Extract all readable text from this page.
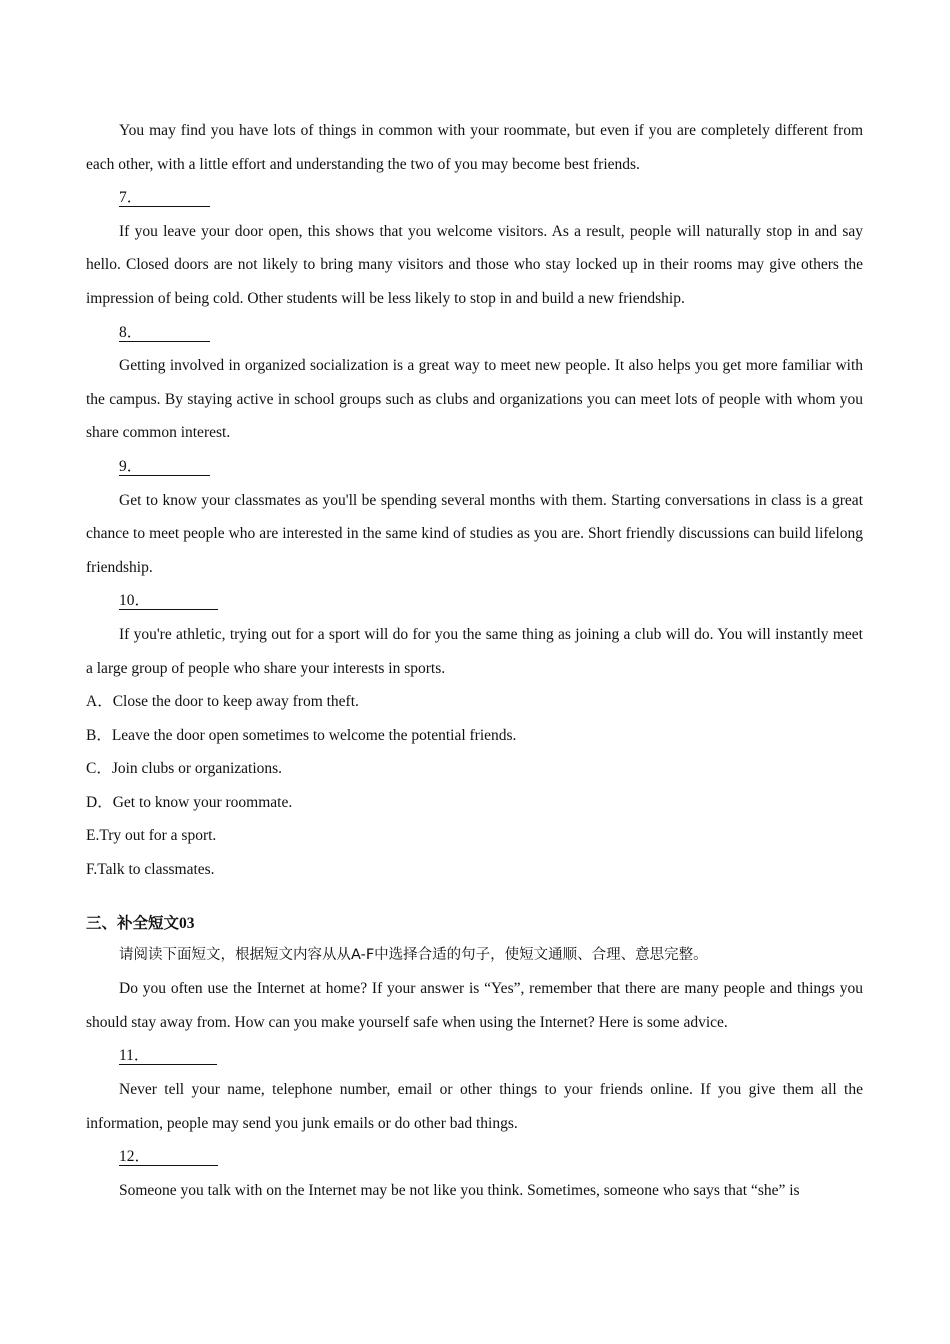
You may find you have lots of things in common with your roommate, but even if you are completely different from each other, with a little effort and understanding the two of you may become best friends.

7．

If you leave your door open, this shows that you welcome visitors. As a result, people will naturally stop in and say hello. Closed doors are not likely to bring many visitors and those who stay locked up in their rooms may give others the impression of being cold. Other students will be less likely to stop in and build a new friendship.

8．

Getting involved in organized socialization is a great way to meet new people. It also helps you get more familiar with the campus. By staying active in school groups such as clubs and organizations you can meet lots of people with whom you share common interest.

9．

Get to know your classmates as you'll be spending several months with them. Starting conversations in class is a great chance to meet people who are interested in the same kind of studies as you are. Short friendly discussions can build lifelong friendship.

10．

If you're athletic, trying out for a sport will do for you the same thing as joining a club will do. You will instantly meet a large group of people who share your interests in sports.

A．Close the door to keep away from theft.
B．Leave the door open sometimes to welcome the potential friends.
C．Join clubs or organizations.
D．Get to know your roommate.
E.Try out for a sport.
F.Talk to classmates.
三、补全短文03

请阅读下面短文，根据短文内容从从A-F中选择合适的句子，使短文通顺、合理、意思完整。

Do you often use the Internet at home? If your answer is “Yes”, remember that there are many people and things you should stay away from. How can you make yourself safe when using the Internet? Here is some advice.

11．

Never tell your name, telephone number, email or other things to your friends online. If you give them all the information, people may send you junk emails or do other bad things.

12．

Someone you talk with on the Internet may be not like you think. Sometimes, someone who says that “she” is
